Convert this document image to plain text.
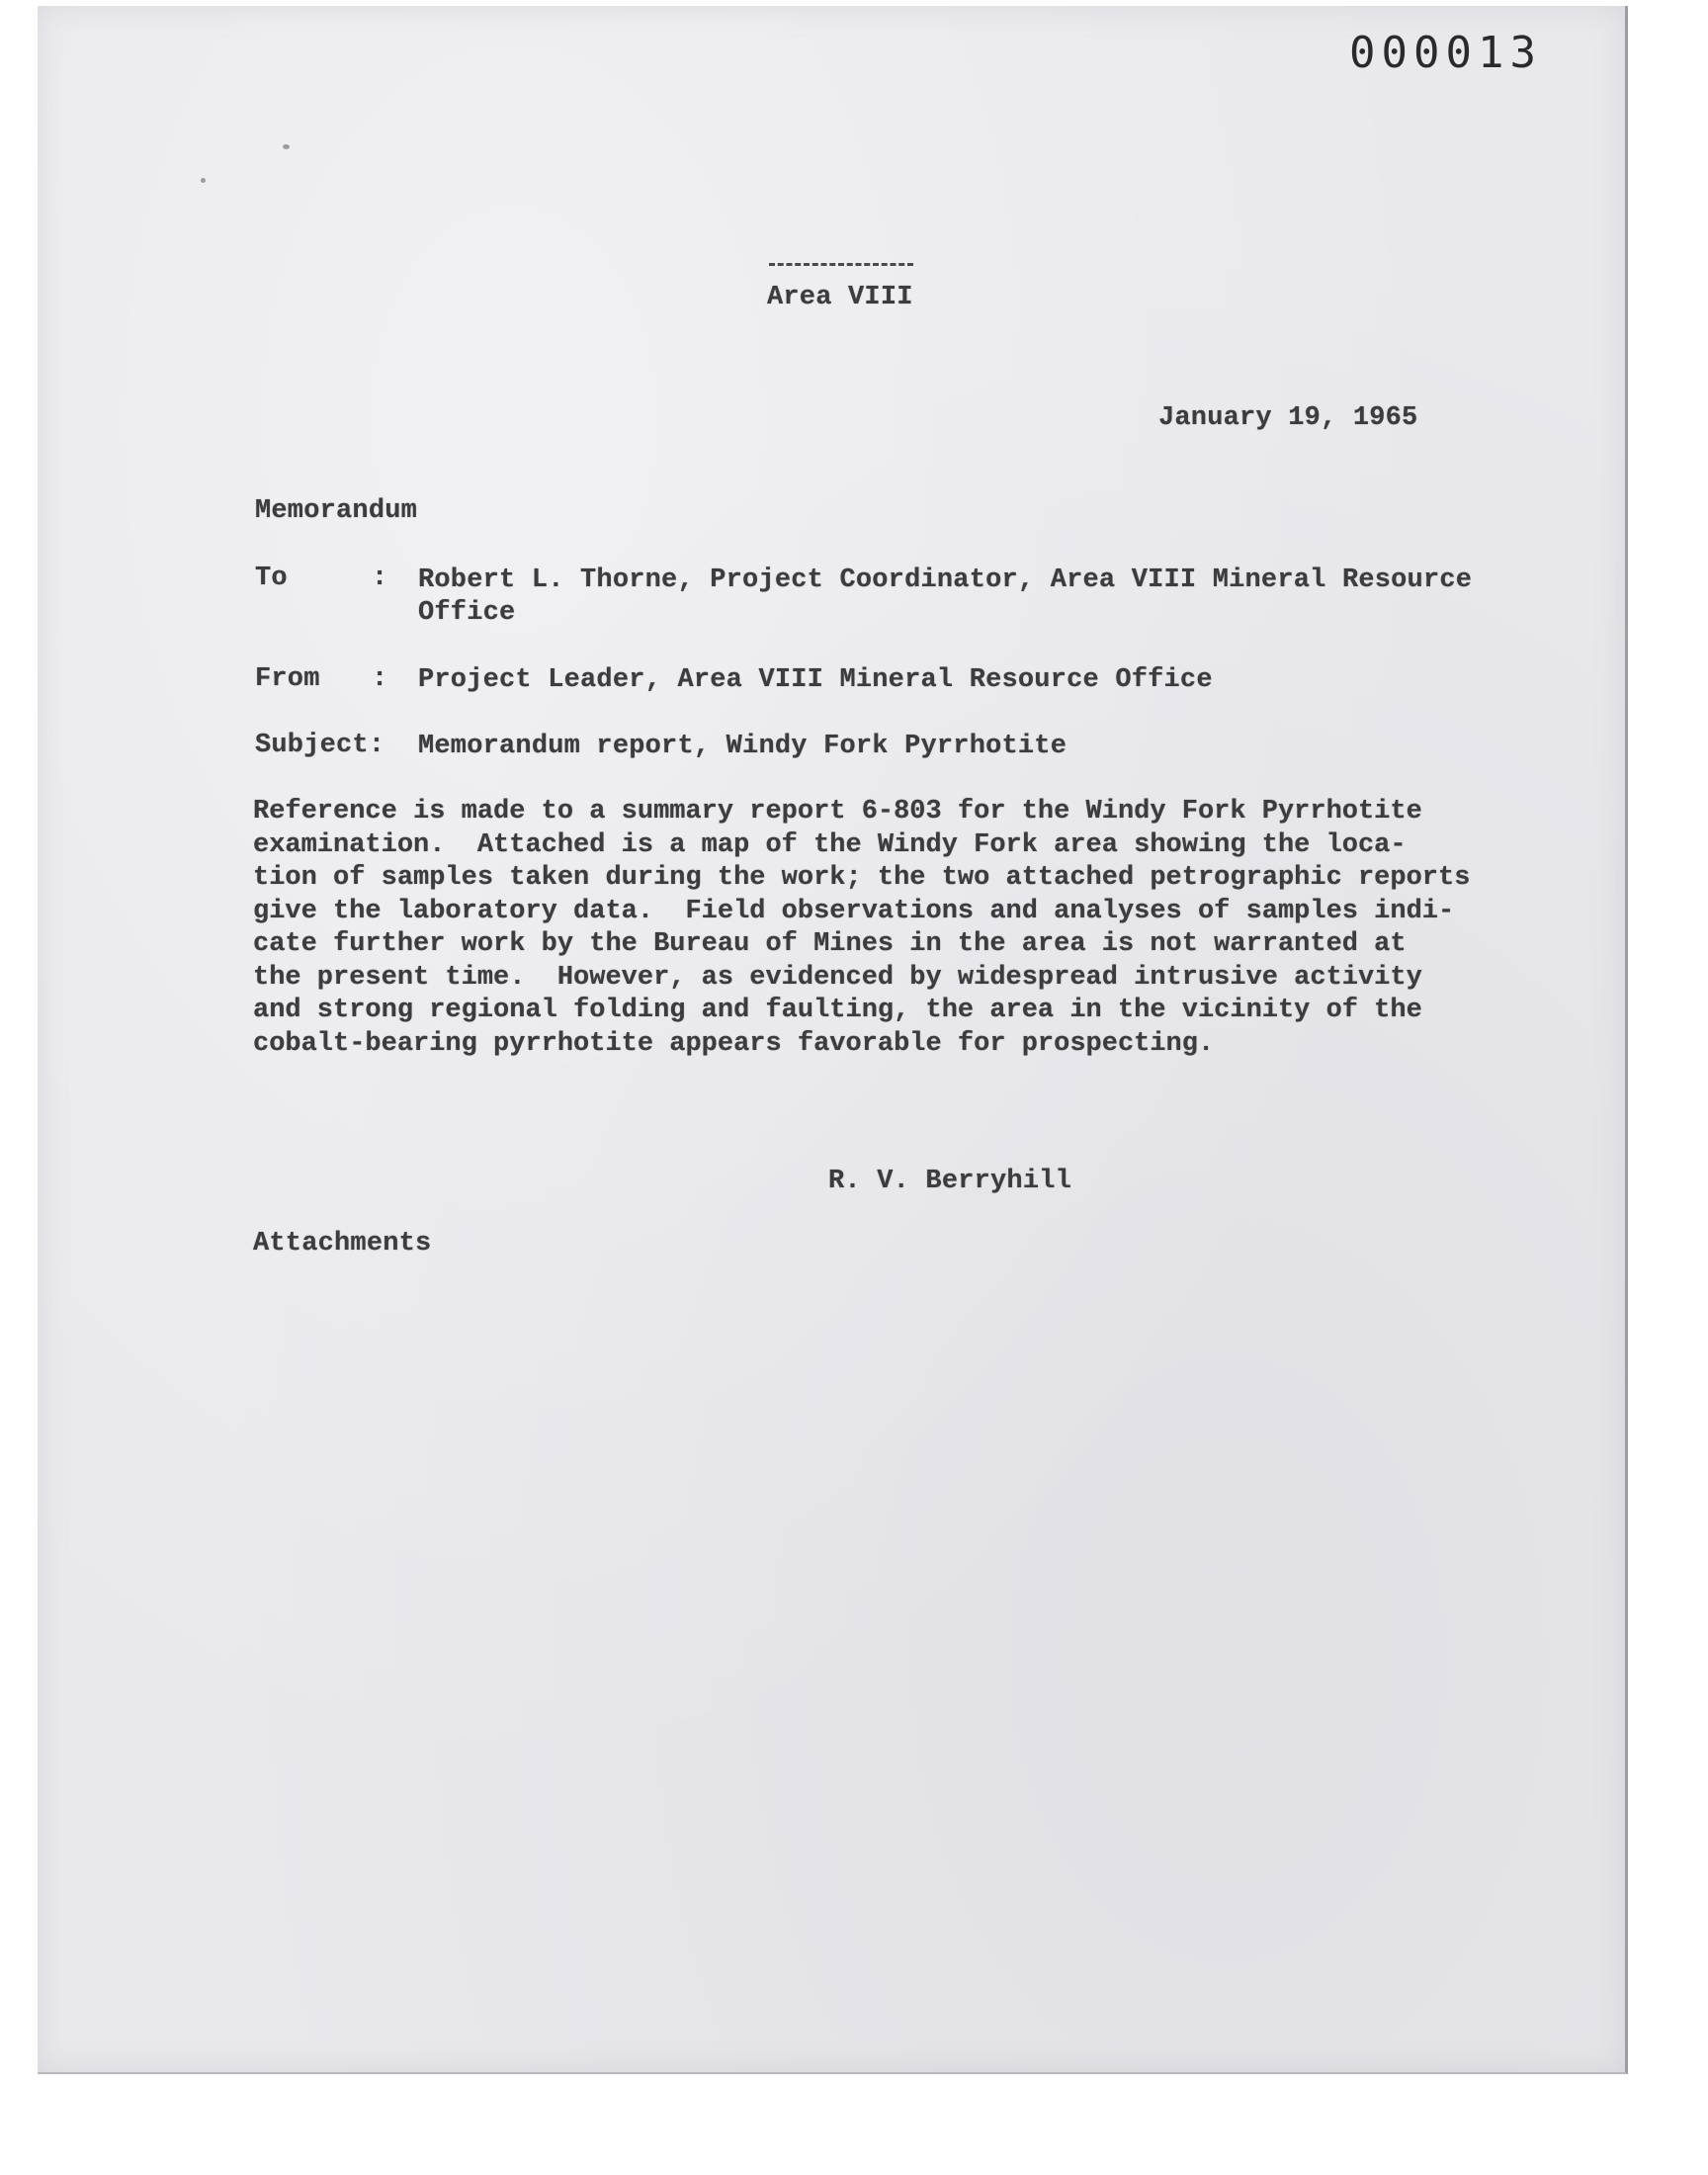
000013
Area VIII
January 19, 1965
Memorandum
To	: Robert L. Thorne, Project Coordinator, Area VIII Mineral Resource
Office
From : Project Leader, Area VIII Mineral Resource Office
Subject: Memorandum report, Windy Fork Pyrrhotite
Reference is made to a summary report 6-803 for the Windy Fork Pyrrhotite
examination.  Attached is a map of the Windy Fork area showing the loca-
tion of samples taken during the work; the two attached petrographic reports
give the laboratory data.  Field observations and analyses of samples indi-
cate further work by the Bureau of Mines in the area is not warranted at
the present time.  However, as evidenced by widespread intrusive activity
and strong regional folding and faulting, the area in the vicinity of the
cobalt-bearing pyrrhotite appears favorable for prospecting.
R. V. Berryhill
Attachments
